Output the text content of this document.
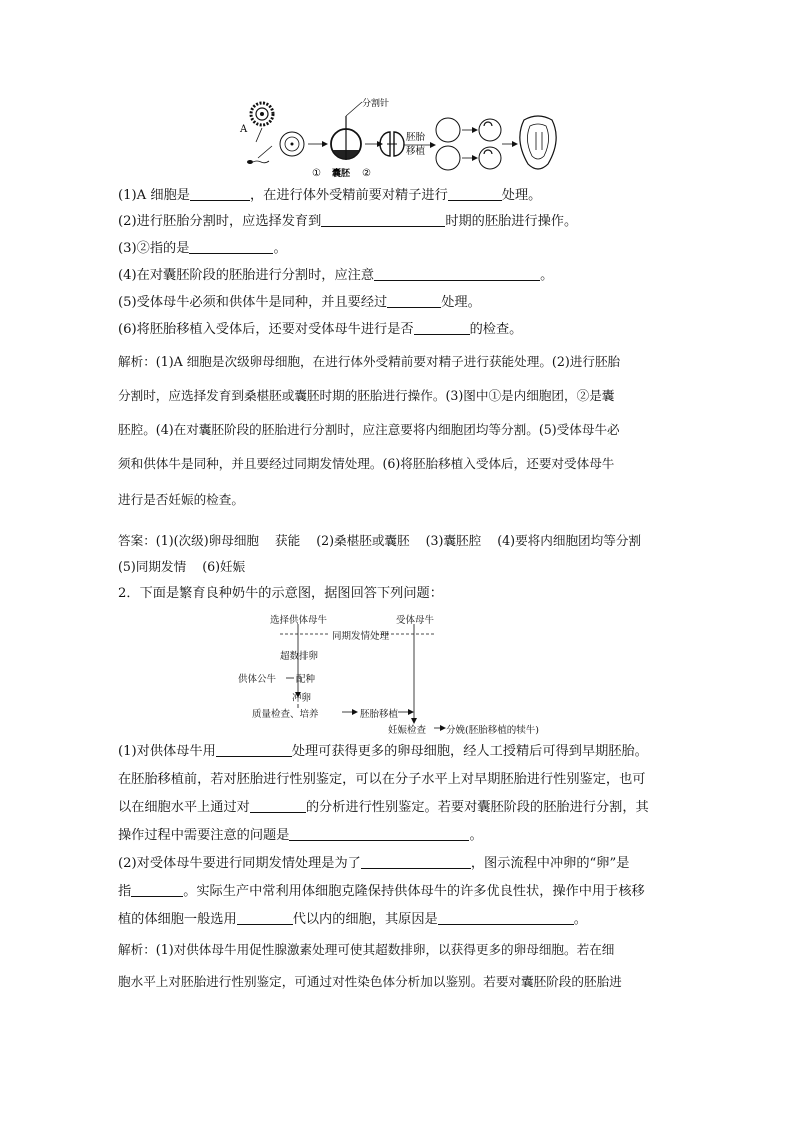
A
分割针
① 囊胚 ②
胚胎
移植
(1)A 细胞是	，在进行体外受精前要对精子进行	处理。
(2)进行胚胎分割时，应选择发育到	时期的胚胎进行操作。
(3)②指的是	。
(4)在对囊胚阶段的胚胎进行分割时，应注意	。
(5)受体母牛必须和供体牛是同种，并且要经过	处理。
(6)将胚胎移植入受体后，还要对受体母牛进行是否	的检查。
解析：(1)A 细胞是次级卵母细胞，在进行体外受精前要对精子进行获能处理。(2)进行胚胎
分割时，应选择发育到桑椹胚或囊胚时期的胚胎进行操作。(3)图中①是内细胞团，②是囊
胚腔。(4)在对囊胚阶段的胚胎进行分割时，应注意要将内细胞团均等分割。(5)受体母牛必
须和供体牛是同种，并且要经过同期发情处理。(6)将胚胎移植入受体后，还要对受体母牛
进行是否妊娠的检查。
答案：(1)(次级)卵母细胞 获能 (2)桑椹胚或囊胚 (3)囊胚腔 (4)要将内细胞团均等分割
(5)同期发情 (6)妊娠
2．下面是繁育良种奶牛的示意图，据图回答下列问题：
选择供体母牛	受体母牛
同期发情处理
超数排卵
供体公牛 配种
冲卵
质量检查、培养	胚胎移植
妊娠检查 分娩(胚胎移植的犊牛)
(1)对供体母牛用	处理可获得更多的卵母细胞，经人工授精后可得到早期胚胎。
在胚胎移植前，若对胚胎进行性别鉴定，可以在分子水平上对早期胚胎进行性别鉴定，也可
以在细胞水平上通过对	的分析进行性别鉴定。若要对囊胚阶段的胚胎进行分割，其
操作过程中需要注意的问题是	。
(2)对受体母牛要进行同期发情处理是为了	，图示流程中冲卵的“卵”是
指	。实际生产中常利用体细胞克隆保持供体母牛的许多优良性状，操作中用于核移
植的体细胞一般选用	代以内的细胞，其原因是	。
解析：(1)对供体母牛用促性腺激素处理可使其超数排卵，以获得更多的卵母细胞。若在细
胞水平上对胚胎进行性别鉴定，可通过对性染色体分析加以鉴别。若要对囊胚阶段的胚胎进
